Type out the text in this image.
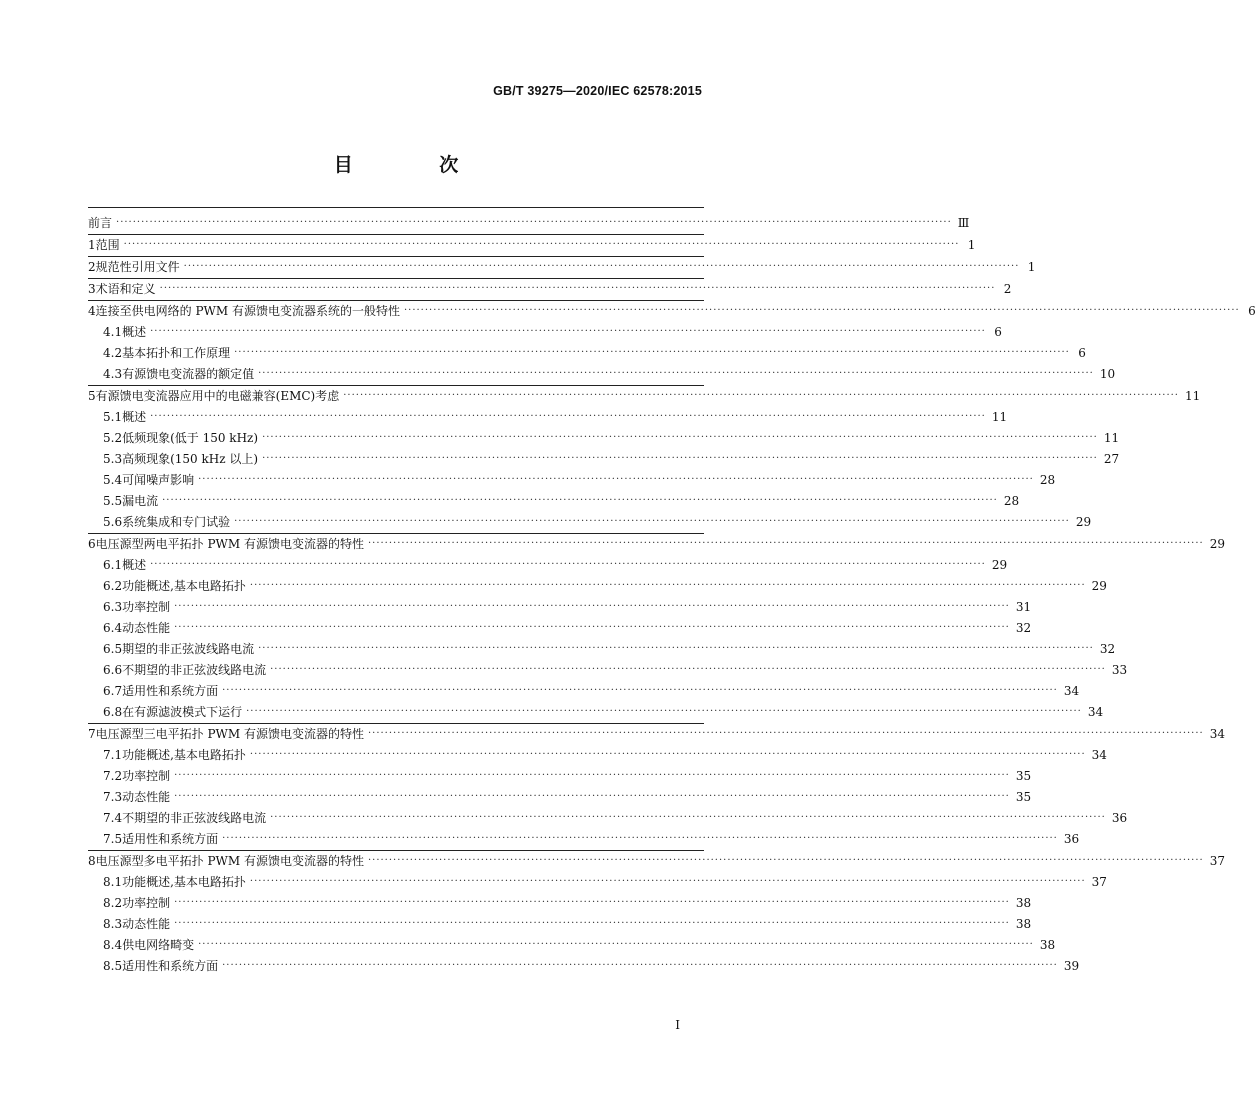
GB/T 39275—2020/IEC 62578:2015
目 次
前言 ········································································································································································································ Ⅲ
1 范围 ········································································································································································································ 1
2 规范性引用文件 ········································································································································································································ 1
3 术语和定义 ········································································································································································································ 2
4 连接至供电网络的 PWM 有源馈电变流器系统的一般特性 ········································································································································································································ 6
4.1 概述 ········································································································································································································ 6
4.2 基本拓扑和工作原理 ········································································································································································································ 6
4.3 有源馈电变流器的额定值 ········································································································································································································ 10
5 有源馈电变流器应用中的电磁兼容(EMC)考虑 ········································································································································································································ 11
5.1 概述 ········································································································································································································ 11
5.2 低频现象(低于 150 kHz) ········································································································································································································ 11
5.3 高频现象(150 kHz 以上) ········································································································································································································ 27
5.4 可闻噪声影响 ········································································································································································································ 28
5.5 漏电流 ········································································································································································································ 28
5.6 系统集成和专门试验 ········································································································································································································ 29
6 电压源型两电平拓扑 PWM 有源馈电变流器的特性 ········································································································································································································ 29
6.1 概述 ········································································································································································································ 29
6.2 功能概述,基本电路拓扑 ········································································································································································································ 29
6.3 功率控制 ········································································································································································································ 31
6.4 动态性能 ········································································································································································································ 32
6.5 期望的非正弦波线路电流 ········································································································································································································ 32
6.6 不期望的非正弦波线路电流 ········································································································································································································ 33
6.7 适用性和系统方面 ········································································································································································································ 34
6.8 在有源滤波模式下运行 ········································································································································································································ 34
7 电压源型三电平拓扑 PWM 有源馈电变流器的特性 ········································································································································································································ 34
7.1 功能概述,基本电路拓扑 ········································································································································································································ 34
7.2 功率控制 ········································································································································································································ 35
7.3 动态性能 ········································································································································································································ 35
7.4 不期望的非正弦波线路电流 ········································································································································································································ 36
7.5 适用性和系统方面 ········································································································································································································ 36
8 电压源型多电平拓扑 PWM 有源馈电变流器的特性 ········································································································································································································ 37
8.1 功能概述,基本电路拓扑 ········································································································································································································ 37
8.2 功率控制 ········································································································································································································ 38
8.3 动态性能 ········································································································································································································ 38
8.4 供电网络畸变 ········································································································································································································ 38
8.5 适用性和系统方面 ········································································································································································································ 39
I
